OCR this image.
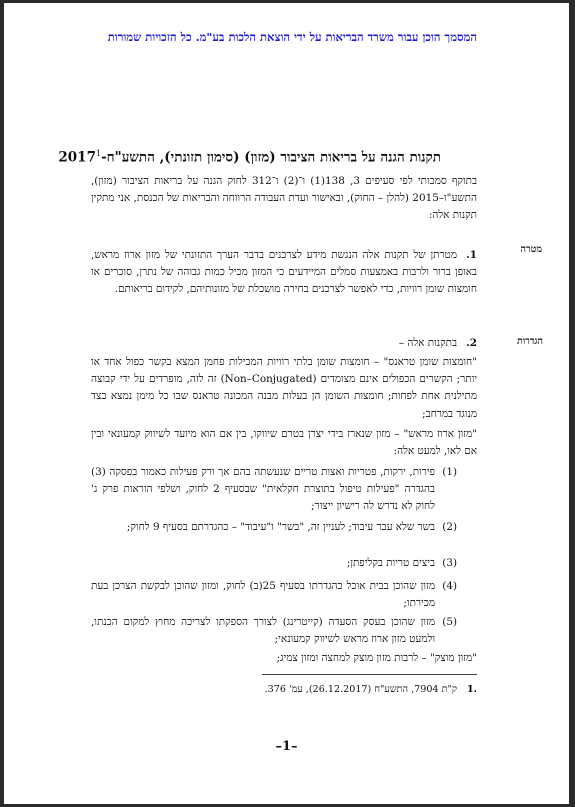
המסמך הוכן עבור משרד הבריאות על ידי הוצאת הלכות בע"מ. כל הזכויות שמורות
תקנות הגנה על בריאות הציבור (מזון) (סימון תזונתי), התשע"ח-2017$^1$
בתוקף סמכותי לפי סעיפים 3, 138(1) ו־(2) ו־312 לחוק הגנה על בריאות הציבור (מזון), התשע"ו–2015 (להלן – החוק), ובאישור ועדת העבודה הרווחה והבריאות של הכנסת, אני מתקין תקנות אלה:
מטרה
1.
מטרתן של תקנות אלה הנגשת מידע לצרכנים בדבר הערך התזונתי של מזון ארוז מראש, באופן ברור ולרבות באמצעות סמלים המיידעים כי המזון מכיל כמות גבוהה של נתרן, סוכרים או חומצות שומן רוויות, כדי לאפשר לצרכנים בחירה מושכלת של מזונותיהם, לקידום בריאותם.
הגדרות
2.
בתקנות אלה –
"חומצות שומן טראנס" – חומצות שומן בלתי רוויות המכילות פחמן המצא בקשר כפול אחד או יותר; הקשרים הכפולים אינם מצומדים (Non–Conjugated) זה לזה, מופרדים על ידי קבוצה מתילנית אחת לפחות; חומצות השומן הן בעלות מבנה המכונה טראנס שבו כל מימן נמצא בצד מנוגד במרחב;
"מזון ארוז מראש" – מזון שנארז בידי יצרן בטרם שיווקו, בין אם הוא מיועד לשיווק קמעונאי ובין אם לאו, למעט אלה:
(1)
פירות, ירקות, פטריות ואצות טריים שנעשתה בהם אך ורק פעילות כאמור בפסקה (3) בהגדרה "פעילות טיפול בתוצרת חקלאית" שבסעיף 2 לחוק, ושלפי הוראות פרק ג' לחוק לא נדרש לה רישיון ייצור;
(2)
בשר שלא עבר עיבוד; לעניין זה, "בשר" ו"עיבוד" – כהגדרתם בסעיף 9 לחוק;
(3)
ביצים טריות בקליפתן;
(4)
מזון שהוכן בבית אוכל כהגדרתו בסעיף 25(ב) לחוק, ומזון שהוכן לבקשת הצרכן בעת מכירתו;
(5)
מזון שהוכן בעסק הסעדה (קייטרינג) לצורך הספקתו לצריכה מחוץ למקום הכנתו, ולמעט מזון ארוז מראש לשיווק קמעונאי;
"מזון מוצק" – לרבות מזון מוצק למחצה ומזון צמיג;
1.
ק"ת 7904, התשע"ח (26.12.2017), עמ' 376.
–1–
